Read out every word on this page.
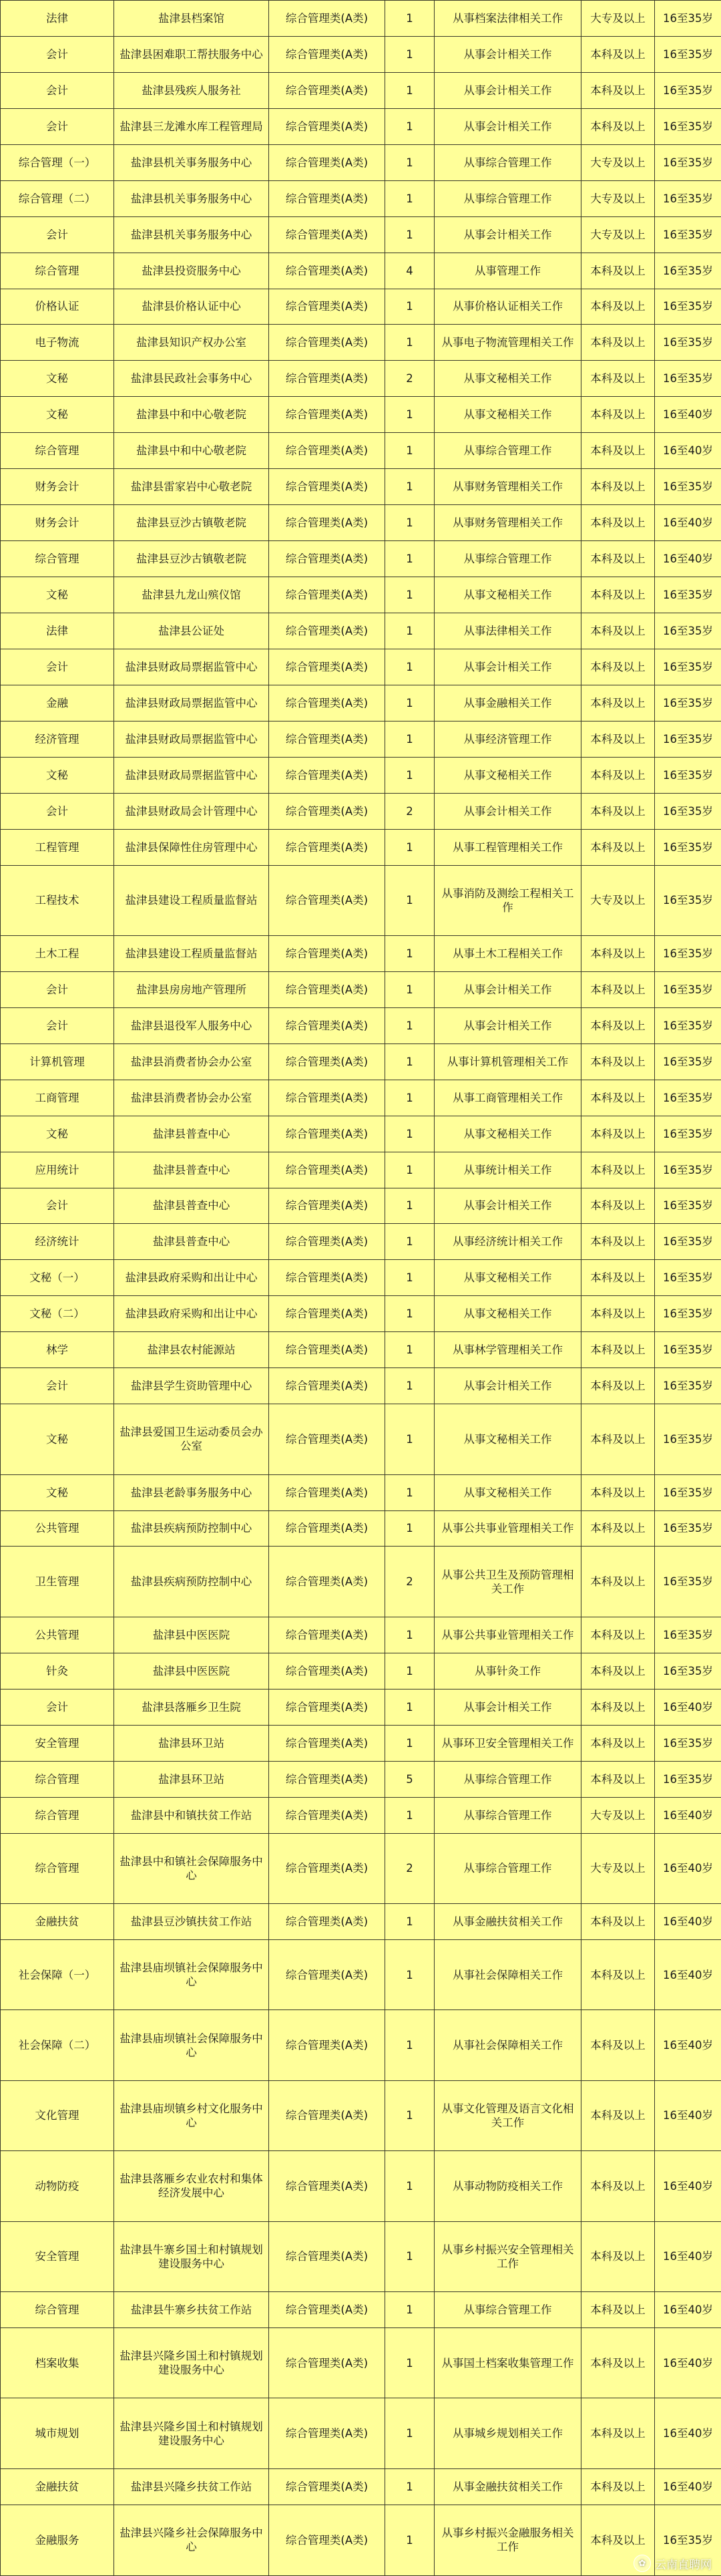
法律	盐津县档案馆	综合管理类(A类)	1	从事档案法律相关工作	大专及以上	16至35岁
会计	盐津县困难职工帮扶服务中心	综合管理类(A类)	1	从事会计相关工作	本科及以上	16至35岁
会计	盐津县残疾人服务社	综合管理类(A类)	1	从事会计相关工作	本科及以上	16至35岁
会计	盐津县三龙滩水库工程管理局	综合管理类(A类)	1	从事会计相关工作	本科及以上	16至35岁
综合管理（一）	盐津县机关事务服务中心	综合管理类(A类)	1	从事综合管理工作	大专及以上	16至35岁
综合管理（二）	盐津县机关事务服务中心	综合管理类(A类)	1	从事综合管理工作	大专及以上	16至35岁
会计	盐津县机关事务服务中心	综合管理类(A类)	1	从事会计相关工作	大专及以上	16至35岁
综合管理	盐津县投资服务中心	综合管理类(A类)	4	从事管理工作	本科及以上	16至35岁
价格认证	盐津县价格认证中心	综合管理类(A类)	1	从事价格认证相关工作	本科及以上	16至35岁
电子物流	盐津县知识产权办公室	综合管理类(A类)	1	从事电子物流管理相关工作	本科及以上	16至35岁
文秘	盐津县民政社会事务中心	综合管理类(A类)	2	从事文秘相关工作	本科及以上	16至35岁
文秘	盐津县中和中心敬老院	综合管理类(A类)	1	从事文秘相关工作	本科及以上	16至40岁
综合管理	盐津县中和中心敬老院	综合管理类(A类)	1	从事综合管理工作	本科及以上	16至40岁
财务会计	盐津县雷家岩中心敬老院	综合管理类(A类)	1	从事财务管理相关工作	本科及以上	16至35岁
财务会计	盐津县豆沙古镇敬老院	综合管理类(A类)	1	从事财务管理相关工作	本科及以上	16至40岁
综合管理	盐津县豆沙古镇敬老院	综合管理类(A类)	1	从事综合管理工作	本科及以上	16至40岁
文秘	盐津县九龙山殡仪馆	综合管理类(A类)	1	从事文秘相关工作	本科及以上	16至35岁
法律	盐津县公证处	综合管理类(A类)	1	从事法律相关工作	本科及以上	16至35岁
会计	盐津县财政局票据监管中心	综合管理类(A类)	1	从事会计相关工作	本科及以上	16至35岁
金融	盐津县财政局票据监管中心	综合管理类(A类)	1	从事金融相关工作	本科及以上	16至35岁
经济管理	盐津县财政局票据监管中心	综合管理类(A类)	1	从事经济管理工作	本科及以上	16至35岁
文秘	盐津县财政局票据监管中心	综合管理类(A类)	1	从事文秘相关工作	本科及以上	16至35岁
会计	盐津县财政局会计管理中心	综合管理类(A类)	2	从事会计相关工作	本科及以上	16至35岁
工程管理	盐津县保障性住房管理中心	综合管理类(A类)	1	从事工程管理相关工作	本科及以上	16至35岁
工程技术	盐津县建设工程质量监督站	综合管理类(A类)	1	从事消防及测绘工程相关工作	大专及以上	16至35岁
土木工程	盐津县建设工程质量监督站	综合管理类(A类)	1	从事土木工程相关工作	本科及以上	16至35岁
会计	盐津县房房地产管理所	综合管理类(A类)	1	从事会计相关工作	本科及以上	16至35岁
会计	盐津县退役军人服务中心	综合管理类(A类)	1	从事会计相关工作	本科及以上	16至35岁
计算机管理	盐津县消费者协会办公室	综合管理类(A类)	1	从事计算机管理相关工作	本科及以上	16至35岁
工商管理	盐津县消费者协会办公室	综合管理类(A类)	1	从事工商管理相关工作	本科及以上	16至35岁
文秘	盐津县普查中心	综合管理类(A类)	1	从事文秘相关工作	本科及以上	16至35岁
应用统计	盐津县普查中心	综合管理类(A类)	1	从事统计相关工作	本科及以上	16至35岁
会计	盐津县普查中心	综合管理类(A类)	1	从事会计相关工作	本科及以上	16至35岁
经济统计	盐津县普查中心	综合管理类(A类)	1	从事经济统计相关工作	本科及以上	16至35岁
文秘（一）	盐津县政府采购和出让中心	综合管理类(A类)	1	从事文秘相关工作	本科及以上	16至35岁
文秘（二）	盐津县政府采购和出让中心	综合管理类(A类)	1	从事文秘相关工作	本科及以上	16至35岁
林学	盐津县农村能源站	综合管理类(A类)	1	从事林学管理相关工作	本科及以上	16至35岁
会计	盐津县学生资助管理中心	综合管理类(A类)	1	从事会计相关工作	本科及以上	16至35岁
文秘	盐津县爱国卫生运动委员会办公室	综合管理类(A类)	1	从事文秘相关工作	本科及以上	16至35岁
文秘	盐津县老龄事务服务中心	综合管理类(A类)	1	从事文秘相关工作	本科及以上	16至35岁
公共管理	盐津县疾病预防控制中心	综合管理类(A类)	1	从事公共事业管理相关工作	本科及以上	16至35岁
卫生管理	盐津县疾病预防控制中心	综合管理类(A类)	2	从事公共卫生及预防管理相关工作	本科及以上	16至35岁
公共管理	盐津县中医医院	综合管理类(A类)	1	从事公共事业管理相关工作	本科及以上	16至35岁
针灸	盐津县中医医院	综合管理类(A类)	1	从事针灸工作	本科及以上	16至35岁
会计	盐津县落雁乡卫生院	综合管理类(A类)	1	从事会计相关工作	本科及以上	16至40岁
安全管理	盐津县环卫站	综合管理类(A类)	1	从事环卫安全管理相关工作	本科及以上	16至35岁
综合管理	盐津县环卫站	综合管理类(A类)	5	从事综合管理工作	本科及以上	16至35岁
综合管理	盐津县中和镇扶贫工作站	综合管理类(A类)	1	从事综合管理工作	大专及以上	16至40岁
综合管理	盐津县中和镇社会保障服务中心	综合管理类(A类)	2	从事综合管理工作	大专及以上	16至40岁
金融扶贫	盐津县豆沙镇扶贫工作站	综合管理类(A类)	1	从事金融扶贫相关工作	本科及以上	16至40岁
社会保障（一）	盐津县庙坝镇社会保障服务中心	综合管理类(A类)	1	从事社会保障相关工作	本科及以上	16至40岁
社会保障（二）	盐津县庙坝镇社会保障服务中心	综合管理类(A类)	1	从事社会保障相关工作	本科及以上	16至40岁
文化管理	盐津县庙坝镇乡村文化服务中心	综合管理类(A类)	1	从事文化管理及语言文化相关工作	本科及以上	16至40岁
动物防疫	盐津县落雁乡农业农村和集体经济发展中心	综合管理类(A类)	1	从事动物防疫相关工作	本科及以上	16至40岁
安全管理	盐津县牛寨乡国土和村镇规划建设服务中心	综合管理类(A类)	1	从事乡村振兴安全管理相关工作	本科及以上	16至40岁
综合管理	盐津县牛寨乡扶贫工作站	综合管理类(A类)	1	从事综合管理工作	本科及以上	16至40岁
档案收集	盐津县兴隆乡国土和村镇规划建设服务中心	综合管理类(A类)	1	从事国土档案收集管理工作	本科及以上	16至40岁
城市规划	盐津县兴隆乡国土和村镇规划建设服务中心	综合管理类(A类)	1	从事城乡规划相关工作	本科及以上	16至40岁
金融扶贫	盐津县兴隆乡扶贫工作站	综合管理类(A类)	1	从事金融扶贫相关工作	本科及以上	16至40岁
金融服务	盐津县兴隆乡社会保障服务中心	综合管理类(A类)	1	从事乡村振兴金融服务相关工作	本科及以上	16至35岁
✿ 云南直聘网
